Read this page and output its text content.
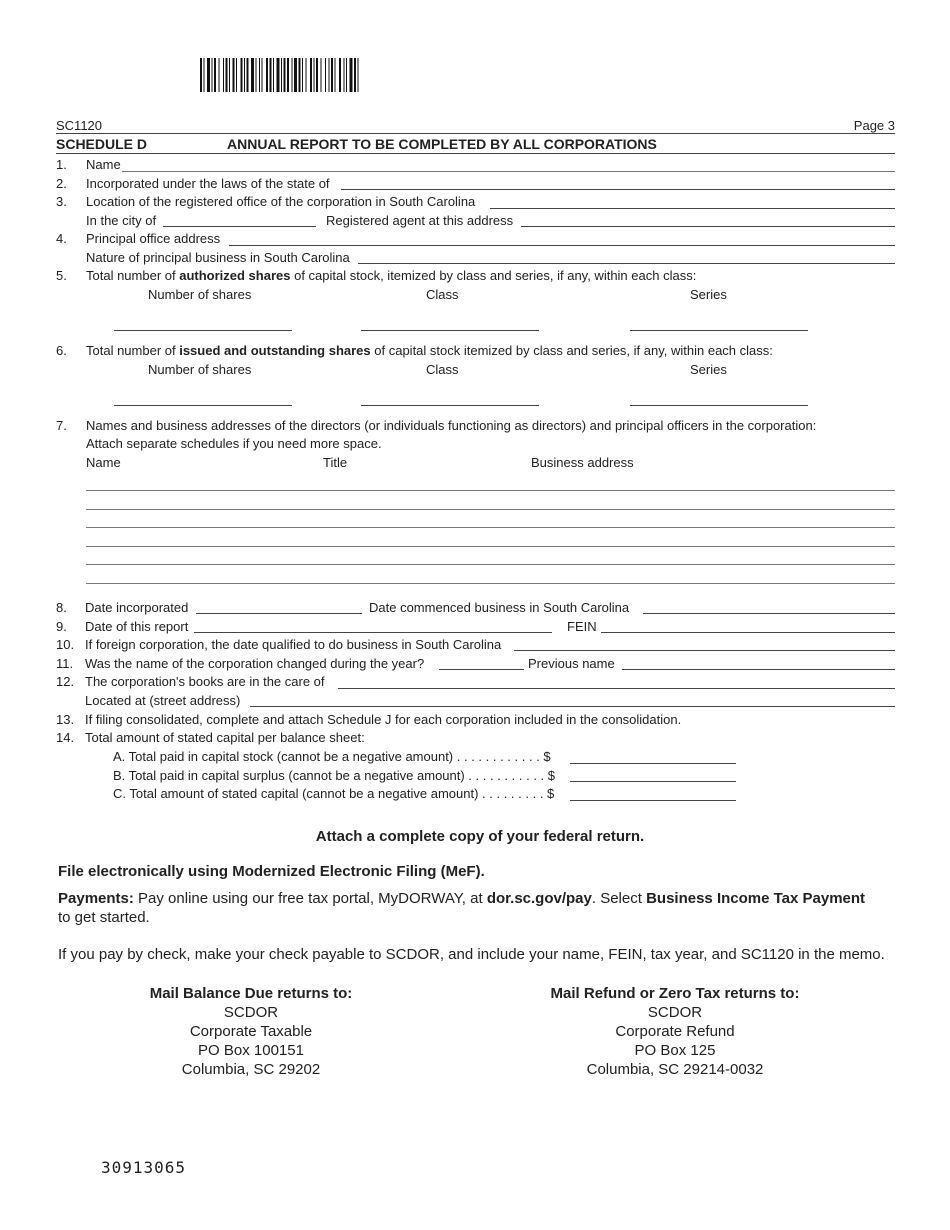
SC1120	Page 3
SCHEDULE D	ANNUAL REPORT TO BE COMPLETED BY ALL CORPORATIONS
1. Name
2. Incorporated under the laws of the state of
3. Location of the registered office of the corporation in South Carolina
In the city of	Registered agent at this address
4. Principal office address
Nature of principal business in South Carolina
5. Total number of authorized shares of capital stock, itemized by class and series, if any, within each class:
Number of shares	Class	Series
6. Total number of issued and outstanding shares of capital stock itemized by class and series, if any, within each class:
Number of shares	Class	Series
7. Names and business addresses of the directors (or individuals functioning as directors) and principal officers in the corporation:
Attach separate schedules if you need more space.
Name	Title	Business address
8. Date incorporated	Date commenced business in South Carolina
9. Date of this report	FEIN
10. If foreign corporation, the date qualified to do business in South Carolina
11. Was the name of the corporation changed during the year?	Previous name
12. The corporation's books are in the care of
Located at (street address)
13. If filing consolidated, complete and attach Schedule J for each corporation included in the consolidation.
14. Total amount of stated capital per balance sheet:
A. Total paid in capital stock (cannot be a negative amount) . . . . . . . . . . . . $
B. Total paid in capital surplus (cannot be a negative amount) . . . . . . . . . . . $
C. Total amount of stated capital (cannot be a negative amount) . . . . . . . . . $
Attach a complete copy of your federal return.
File electronically using Modernized Electronic Filing (MeF).
Payments: Pay online using our free tax portal, MyDORWAY, at dor.sc.gov/pay. Select Business Income Tax Payment
to get started.
If you pay by check, make your check payable to SCDOR, and include your name, FEIN, tax year, and SC1120 in the memo.
Mail Balance Due returns to:
SCDOR
Corporate Taxable
PO Box 100151
Columbia, SC 29202
Mail Refund or Zero Tax returns to:
SCDOR
Corporate Refund
PO Box 125
Columbia, SC 29214-0032
30913065
